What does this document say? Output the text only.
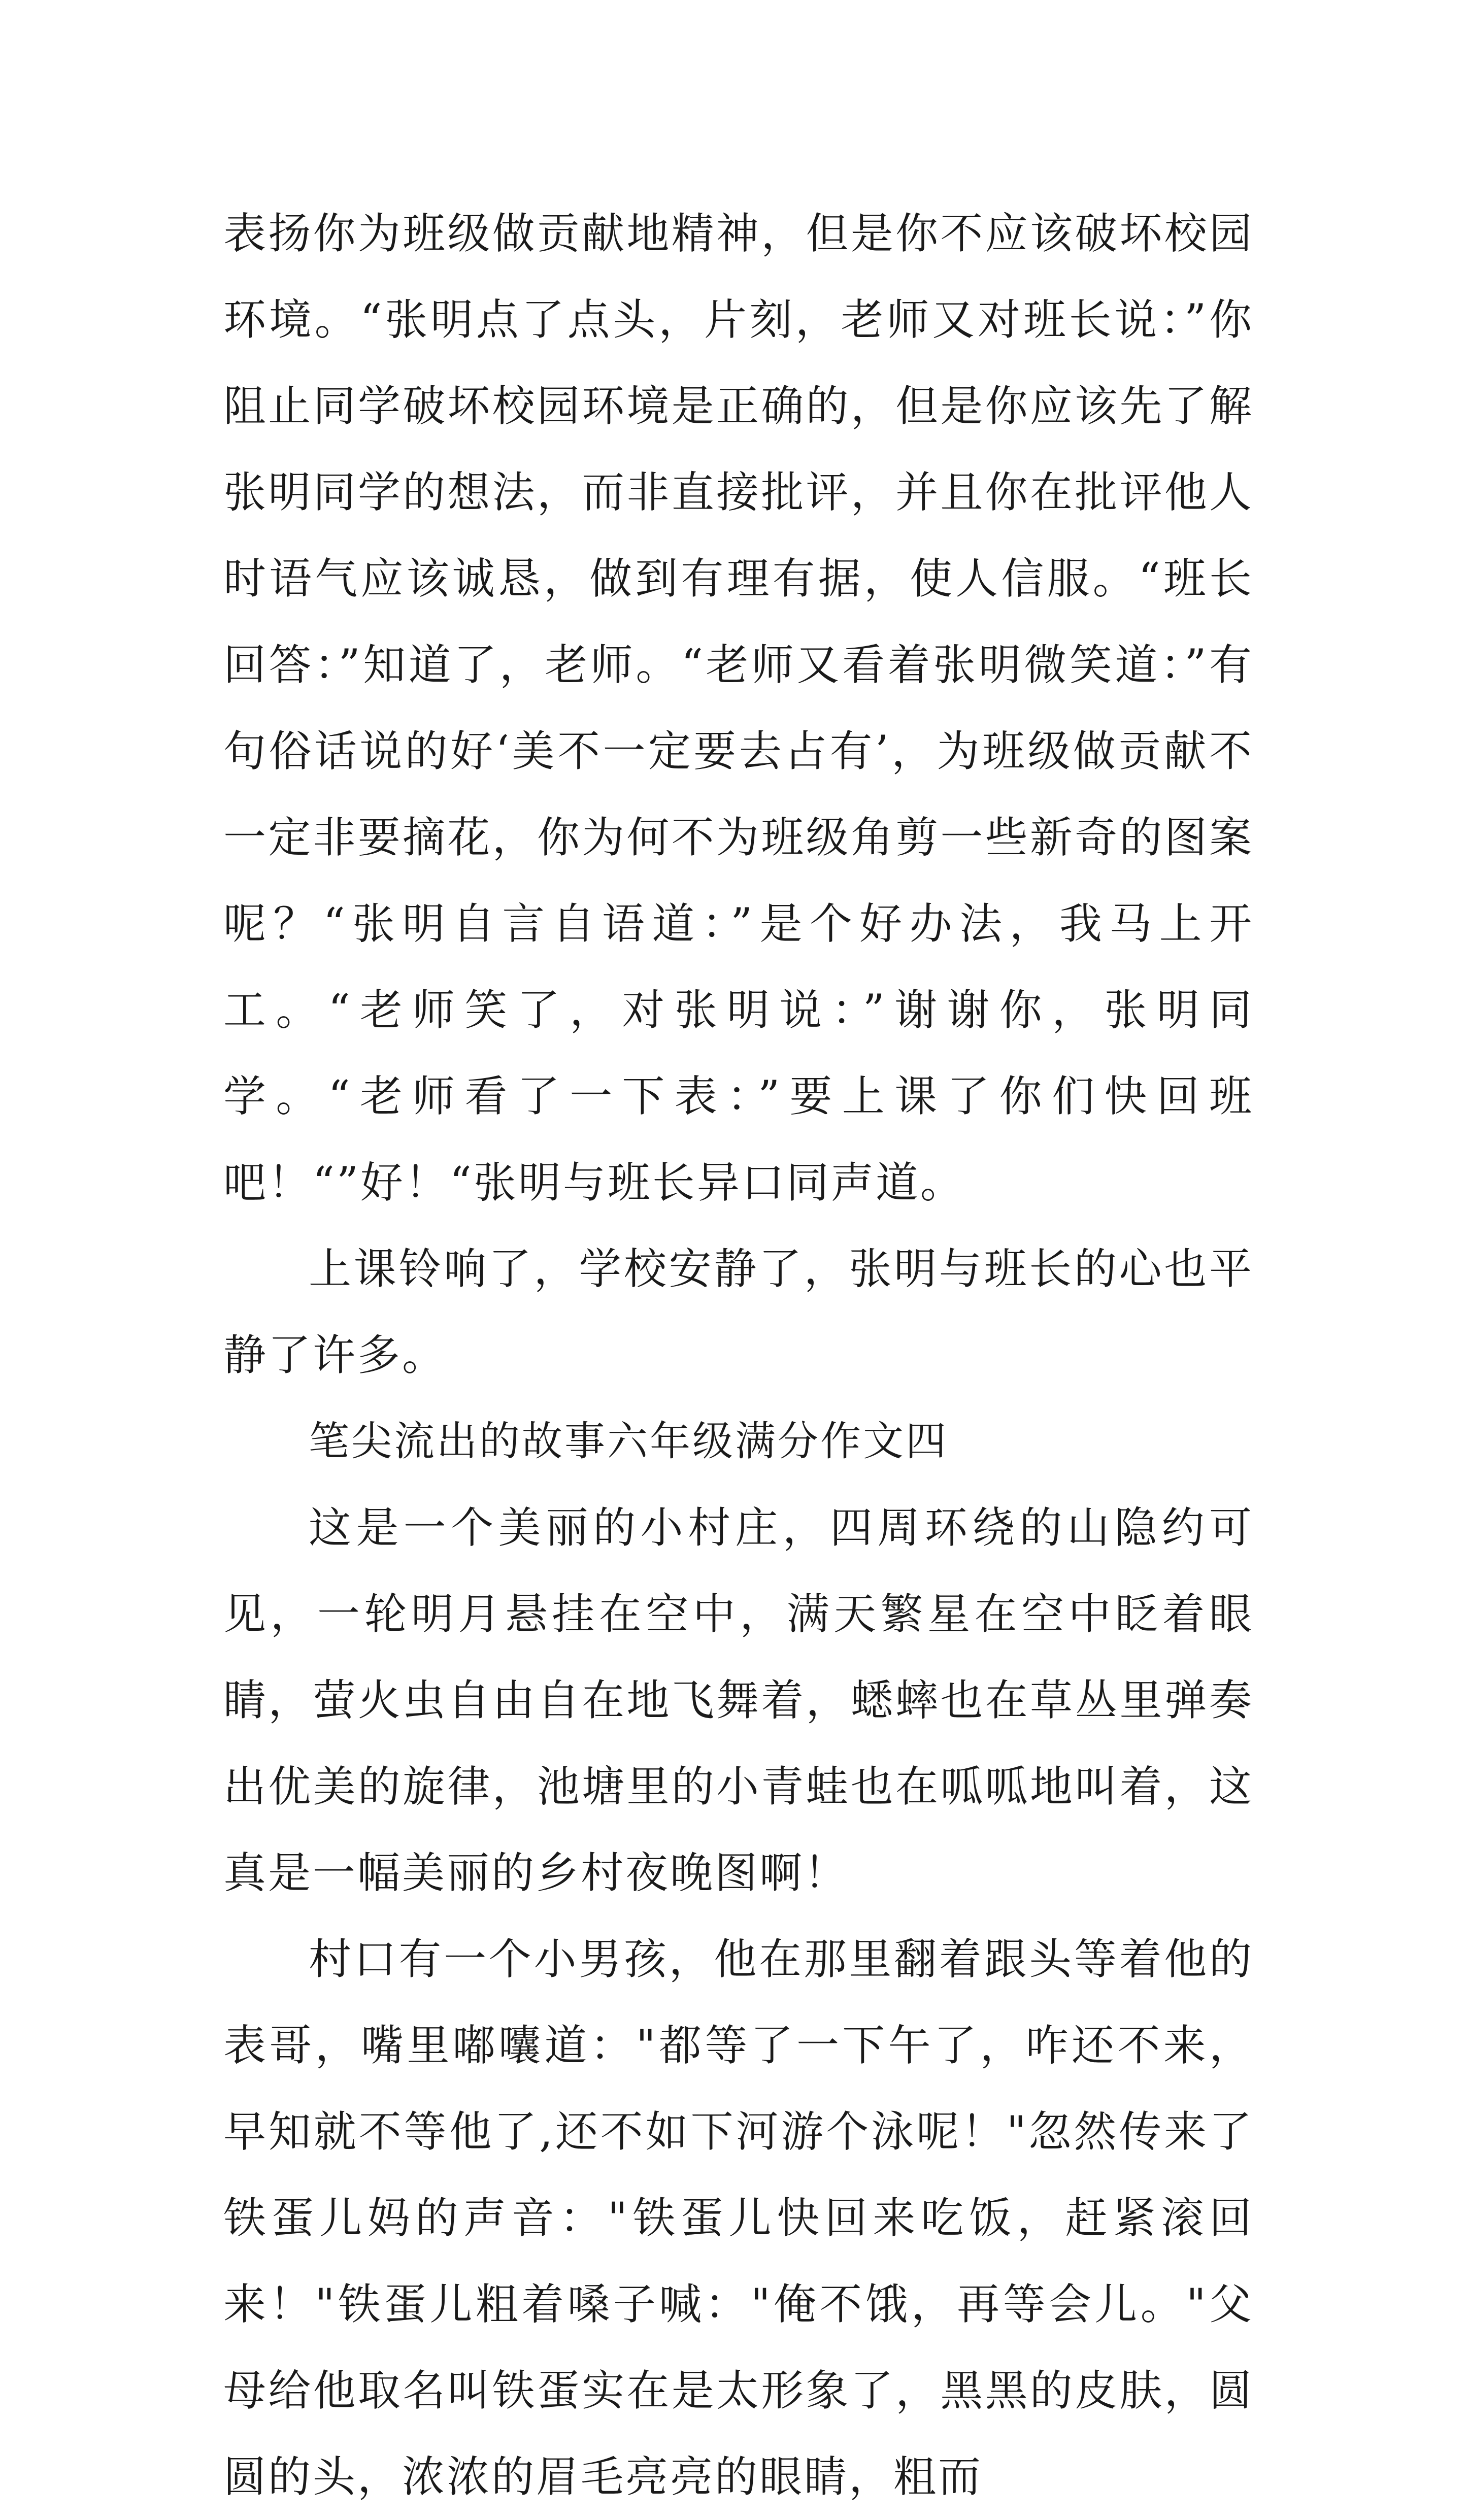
表扬你为班级做贡献地精神，但是你不应该破坏校园环境。“张明点了点头，片刻，老师又对班长说：”你阻止同学破坏校园环境是正确的，但是你应该先了解张明同学的想法，而非直接批评，并且你在批评他人时语气应该诚恳，做到有理有据，使人信服。“班长回答：”知道了，老师。“老师又看着张明微笑道：”有句俗话说的好‘美不一定要去占有’，为班级做贡献不一定非要摘花，你为何不为班级角剪一些新奇的图案呢？“张明自言自语道：”是个好办法，我马上开工。“老师笑了，对张明说：”谢谢你，张明同学。“老师看了一下表：”要上课了你们快回班吧！“”好！“张明与班长异口同声道。

上课铃响了，学校安静了，张明与班长的心也平静了许多。

笔尖流出的故事六年级满分作文四

这是一个美丽的小村庄，四周环绕的山隐约可见，一轮明月悬挂在空中，满天繁星在空中眨着眼睛，萤火虫自由自在地飞舞着，蟋蟀也在草丛里弹奏出优美的旋律，池塘里的小青蛙也在呱呱地叫着，这真是一幅美丽的乡村夜晚图啊！

村口有一个小男孩，他在那里翻着跟头等着他的表哥，嘴里嘟囔道："都等了一下午了，咋还不来，早知就不等他了,还不如下河游个泳呢！"忽然传来了铁蛋儿妈的声音："铁蛋儿快回来吃饭，赶紧滚回来！"铁蛋儿粗着嗓子喊："俺不饿，再等会儿。"父母给他取名叫铁蛋实在是太形象了，黑黑的皮肤，圆圆的头，浓浓的眉毛亮亮的眼睛，粗而
